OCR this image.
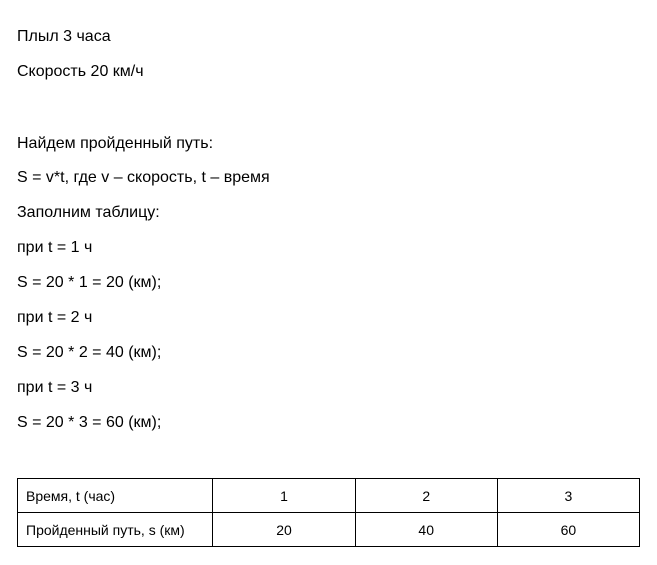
Плыл 3 часа
Скорость 20 км/ч
Найдем пройденный путь:
S = v*t, где v – скорость, t – время
Заполним таблицу:
при t = 1 ч
S = 20 * 1 = 20 (км);
при t = 2 ч
S = 20 * 2 = 40 (км);
при t = 3 ч
S = 20 * 3 = 60 (км);
Время, t (час)	1	2	3
Пройденный путь, s (км)	20	40	60
